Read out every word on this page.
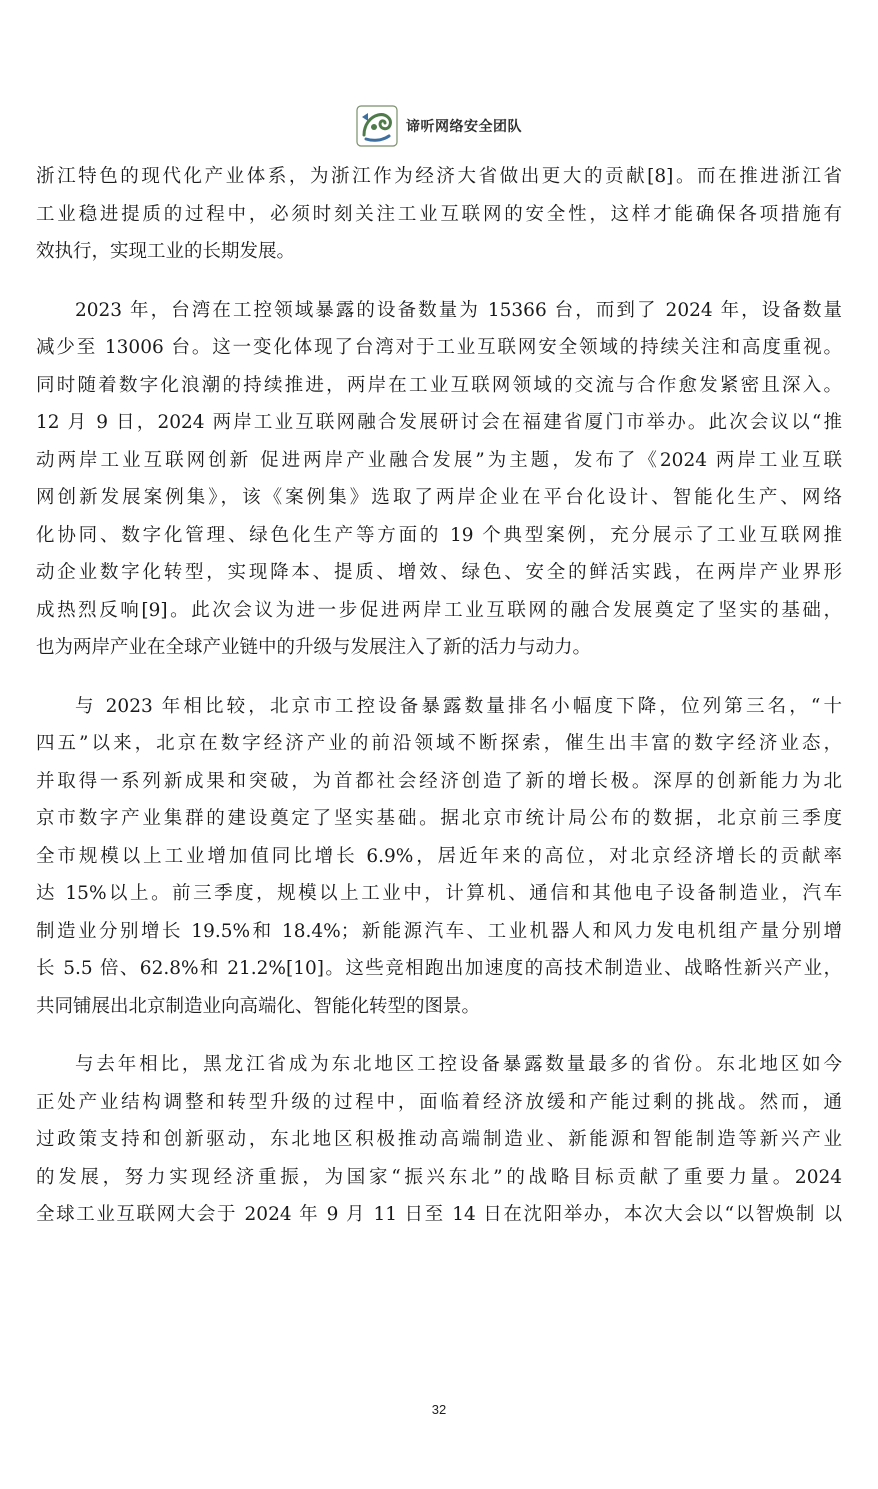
谛听网络安全团队

浙江特色的现代化产业体系，为浙江作为经济大省做出更大的贡献[8]。而在推进浙江省
工业稳进提质的过程中，必须时刻关注工业互联网的安全性，这样才能确保各项措施有
效执行，实现工业的长期发展。

2023 年，台湾在工控领域暴露的设备数量为 15366 台，而到了 2024 年，设备数量
减少至 13006 台。这一变化体现了台湾对于工业互联网安全领域的持续关注和高度重视。
同时随着数字化浪潮的持续推进，两岸在工业互联网领域的交流与合作愈发紧密且深入。
12 月 9 日，2024 两岸工业互联网融合发展研讨会在福建省厦门市举办。此次会议以“推
动两岸工业互联网创新 促进两岸产业融合发展”为主题，发布了《2024 两岸工业互联
网创新发展案例集》，该《案例集》选取了两岸企业在平台化设计、智能化生产、网络
化协同、数字化管理、绿色化生产等方面的 19 个典型案例，充分展示了工业互联网推
动企业数字化转型，实现降本、提质、增效、绿色、安全的鲜活实践，在两岸产业界形
成热烈反响[9]。此次会议为进一步促进两岸工业互联网的融合发展奠定了坚实的基础，
也为两岸产业在全球产业链中的升级与发展注入了新的活力与动力。

与 2023 年相比较，北京市工控设备暴露数量排名小幅度下降，位列第三名，“十
四五”以来，北京在数字经济产业的前沿领域不断探索，催生出丰富的数字经济业态，
并取得一系列新成果和突破，为首都社会经济创造了新的增长极。深厚的创新能力为北
京市数字产业集群的建设奠定了坚实基础。据北京市统计局公布的数据，北京前三季度
全市规模以上工业增加值同比增长 6.9%，居近年来的高位，对北京经济增长的贡献率
达 15%以上。前三季度，规模以上工业中，计算机、通信和其他电子设备制造业，汽车
制造业分别增长 19.5%和 18.4%；新能源汽车、工业机器人和风力发电机组产量分别增
长 5.5 倍、62.8%和 21.2%[10]。这些竞相跑出加速度的高技术制造业、战略性新兴产业，
共同铺展出北京制造业向高端化、智能化转型的图景。

与去年相比，黑龙江省成为东北地区工控设备暴露数量最多的省份。东北地区如今
正处产业结构调整和转型升级的过程中，面临着经济放缓和产能过剩的挑战。然而，通
过政策支持和创新驱动，东北地区积极推动高端制造业、新能源和智能制造等新兴产业
的发展，努力实现经济重振，为国家“振兴东北”的战略目标贡献了重要力量。2024
全球工业互联网大会于 2024 年 9 月 11 日至 14 日在沈阳举办，本次大会以“以智焕制 以

32
